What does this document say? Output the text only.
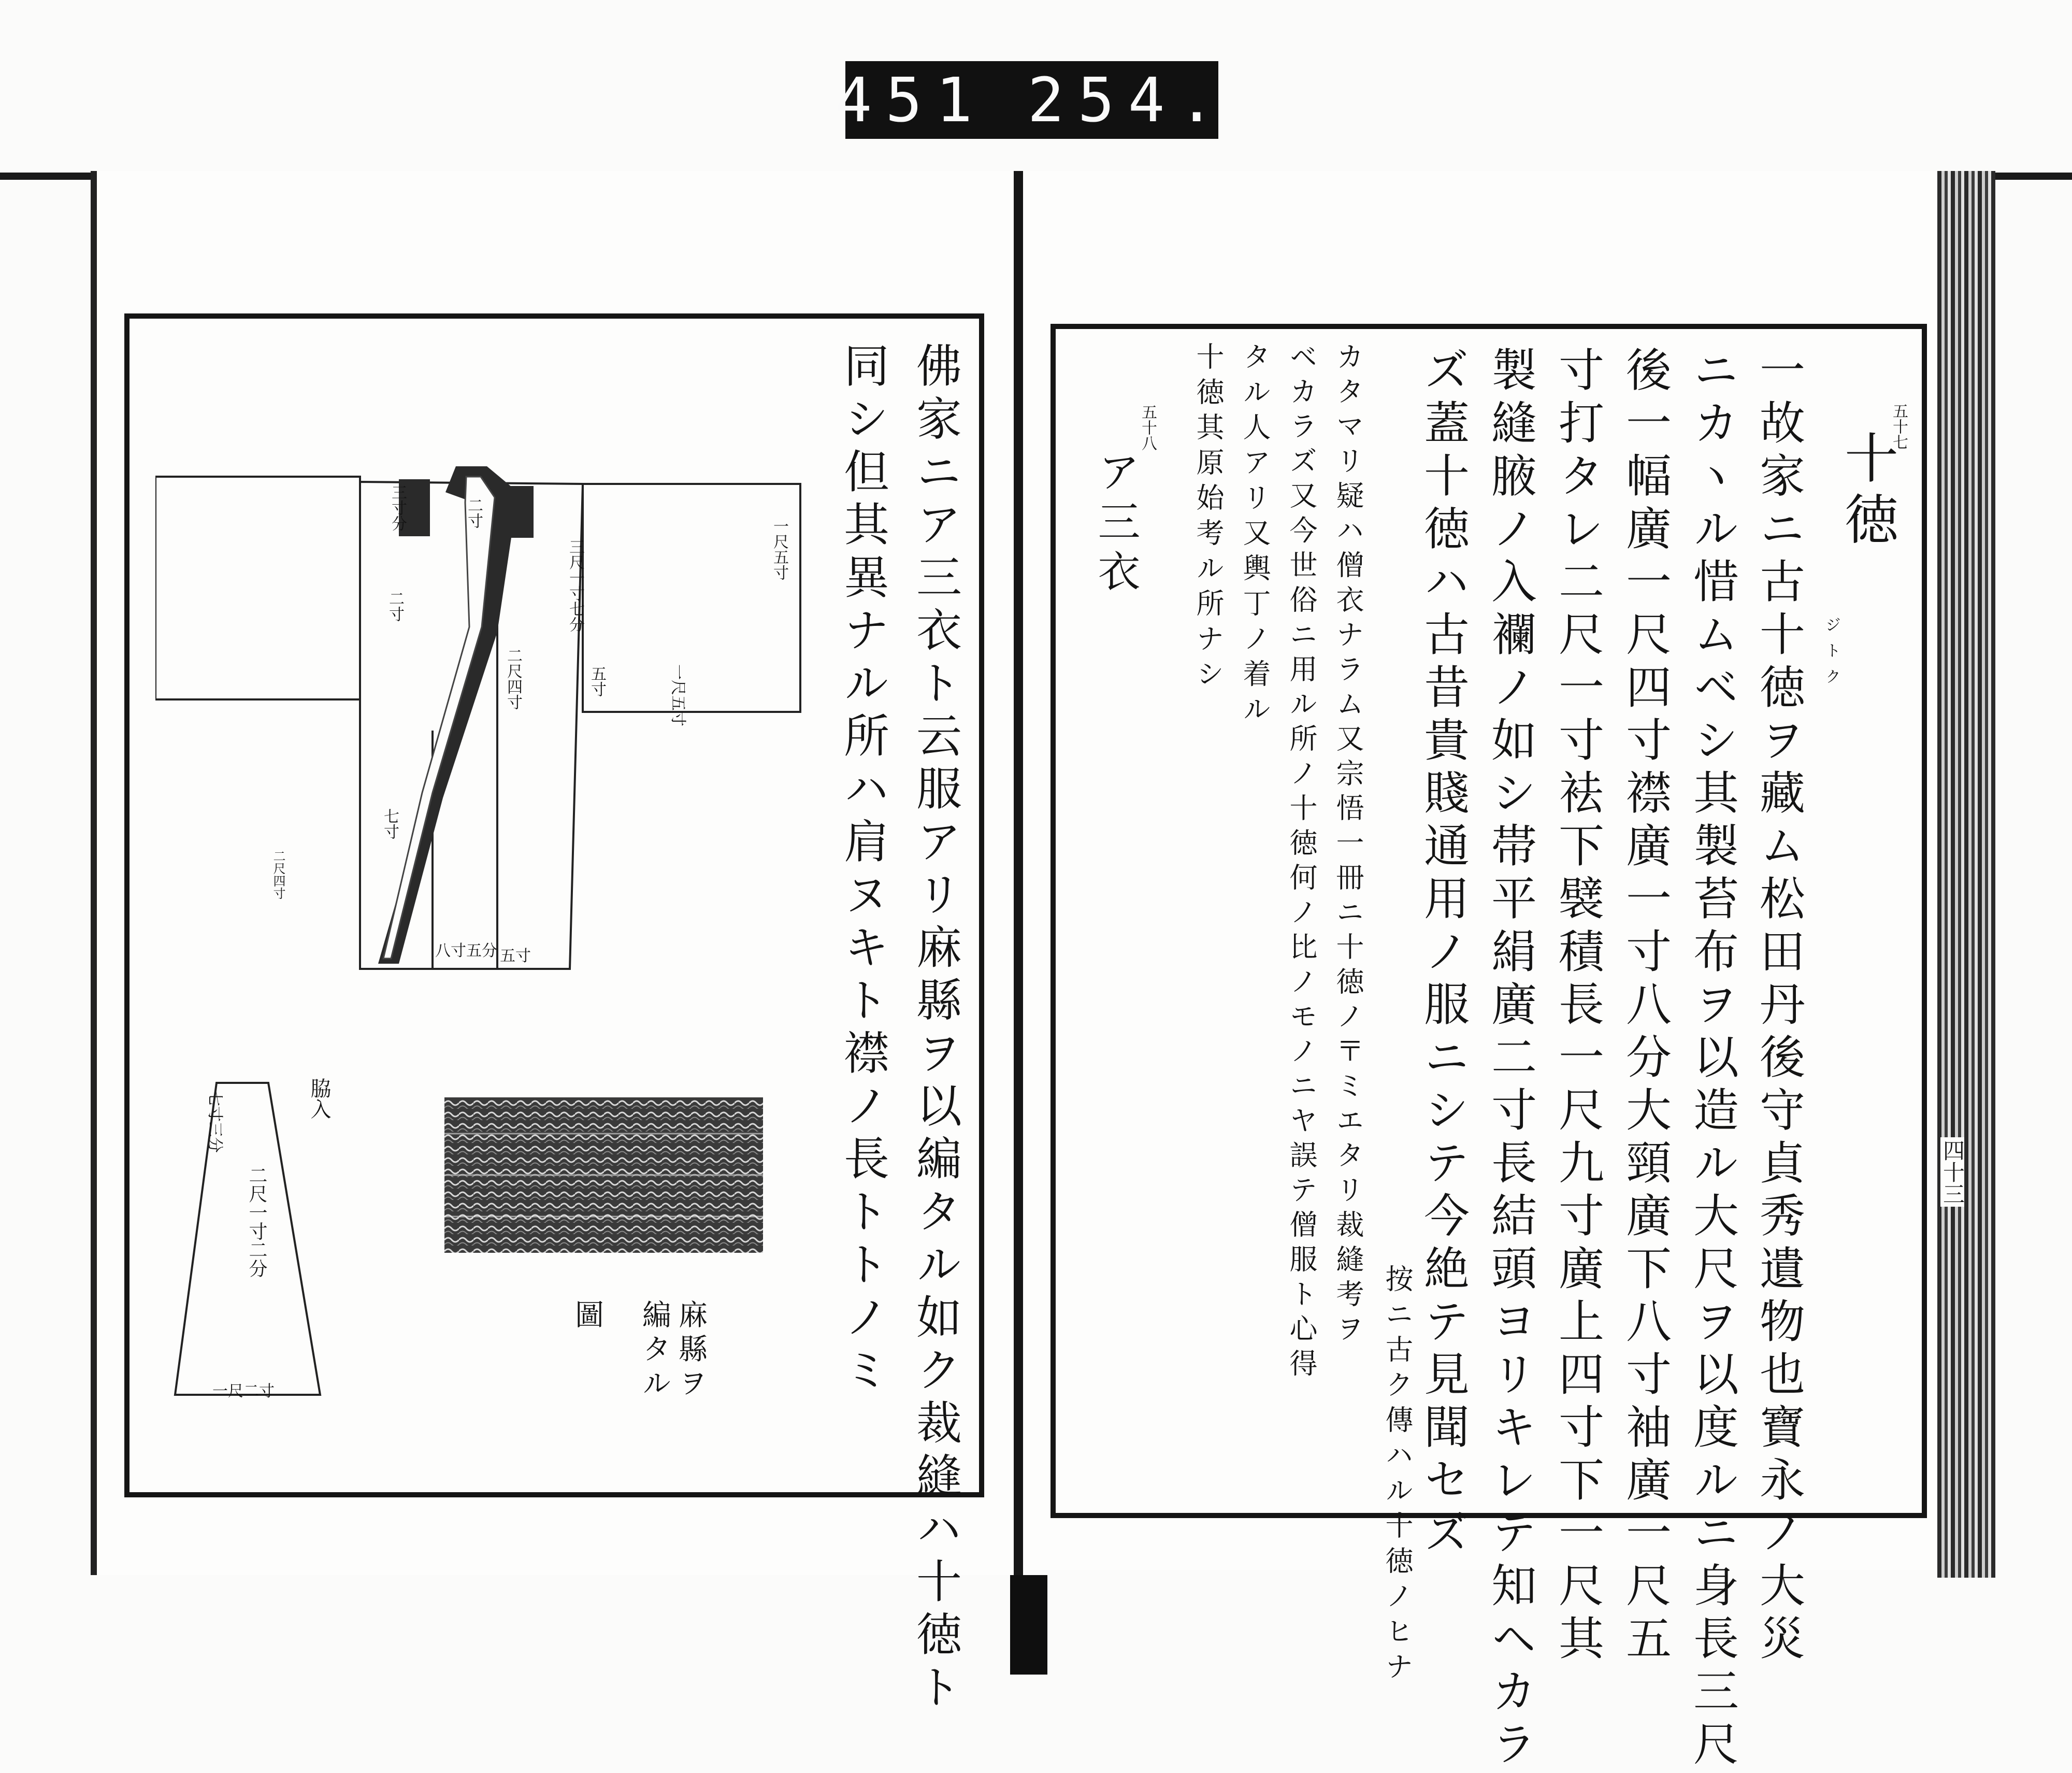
451 254.
五十七
十徳
ジトク
一故家ニ古十徳ヲ藏ム松田丹後守貞秀遺物也寶永ノ大災
ニカヽル惜ムベシ其製苔布ヲ以造ル大尺ヲ以度ルニ身長三尺
後一幅廣一尺四寸襟廣一寸八分大頸廣下八寸袖廣一尺五
寸打タレ二尺一寸袪下襞積長一尺九寸廣上四寸下一尺其
製縫腋ノ入襴ノ如シ帯平絹廣二寸長結頭ヨリキレテ知ヘカラ
ズ蓋十徳ハ古昔貴賤通用ノ服ニシテ今絶テ見聞セズ
按ニ古ク傳ハル十徳ノヒナ
カタマリ疑ハ僧衣ナラム又宗悟一冊ニ十徳ノ〒ミエタリ裁縫考ヲ
ベカラズ又今世俗ニ用ル所ノ十徳何ノ比ノモノニヤ誤テ僧服ト心得
タル人アリ又輿丁ノ着ル
十徳其原始考ル所ナシ
五十八
ア三衣
四十三
佛家ニア三衣ト云服アリ麻縣ヲ以編タル如ク裁縫ハ十徳ト
同シ但其異ナル所ハ肩ヌキト襟ノ長トトノミ
一尺五寸
三尺一寸七分
一尺五寸
五寸
二尺四寸
三寸分	二寸
二寸
七寸
八寸五分 五寸
二尺四寸
脇入
七寸三分
二尺一寸二分
一尺二寸	麻縣ヲ
編タル
圖
